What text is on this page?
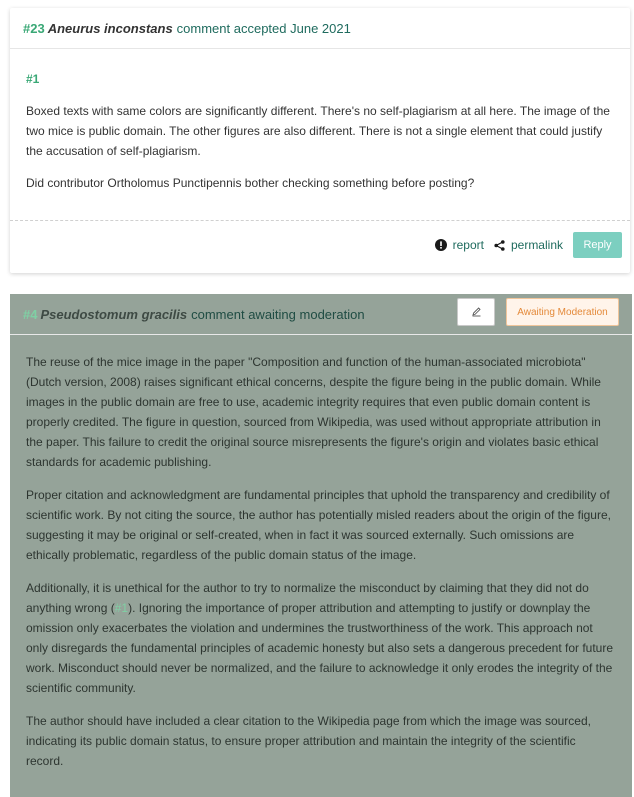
#23 Aneurus inconstans comment accepted June 2021
#1

Boxed texts with same colors are significantly different. There's no self-plagiarism at all here. The image of the two mice is public domain. The other figures are also different. There is not a single element that could justify the accusation of self-plagiarism.

Did contributor Ortholomus Punctipennis bother checking something before posting?

report permalink	Reply
#4 Pseudostomum gracilis comment awaiting moderation	Awaiting Moderation

The reuse of the mice image in the paper "Composition and function of the human-associated microbiota" (Dutch version, 2008) raises significant ethical concerns, despite the figure being in the public domain. While images in the public domain are free to use, academic integrity requires that even public domain content is properly credited. The figure in question, sourced from Wikipedia, was used without appropriate attribution in the paper. This failure to credit the original source misrepresents the figure's origin and violates basic ethical standards for academic publishing.

Proper citation and acknowledgment are fundamental principles that uphold the transparency and credibility of scientific work. By not citing the source, the author has potentially misled readers about the origin of the figure, suggesting it may be original or self-created, when in fact it was sourced externally. Such omissions are ethically problematic, regardless of the public domain status of the image.

Additionally, it is unethical for the author to try to normalize the misconduct by claiming that they did not do anything wrong (#1). Ignoring the importance of proper attribution and attempting to justify or downplay the omission only exacerbates the violation and undermines the trustworthiness of the work. This approach not only disregards the fundamental principles of academic honesty but also sets a dangerous precedent for future work. Misconduct should never be normalized, and the failure to acknowledge it only erodes the integrity of the scientific community.

The author should have included a clear citation to the Wikipedia page from which the image was sourced, indicating its public domain status, to ensure proper attribution and maintain the integrity of the scientific record.
